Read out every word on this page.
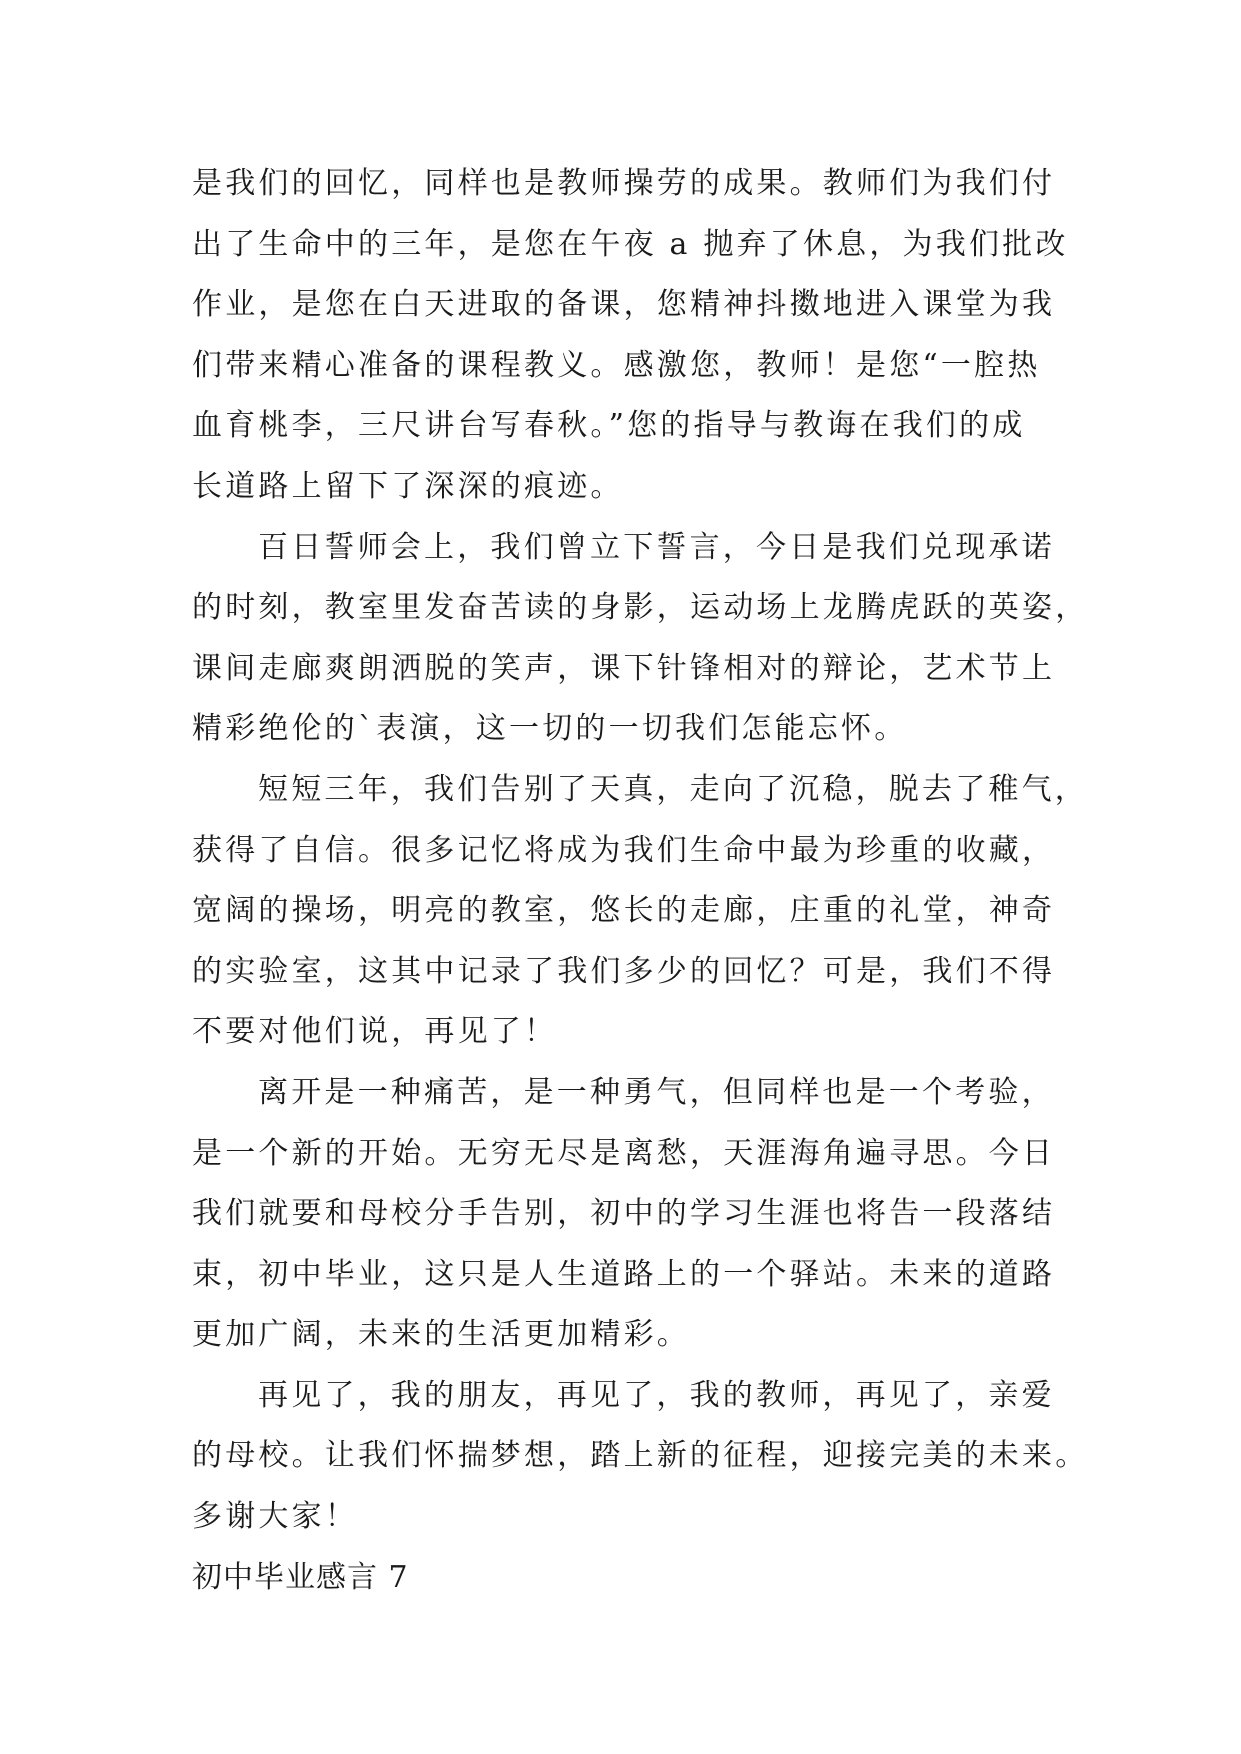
是我们的回忆，同样也是教师操劳的成果。教师们为我们付
出了生命中的三年，是您在午夜 a 抛弃了休息，为我们批改
作业，是您在白天进取的备课，您精神抖擞地进入课堂为我
们带来精心准备的课程教义。感激您，教师！是您“一腔热
血育桃李，三尺讲台写春秋。”您的指导与教诲在我们的成
长道路上留下了深深的痕迹。
百日誓师会上，我们曾立下誓言，今日是我们兑现承诺
的时刻，教室里发奋苦读的身影，运动场上龙腾虎跃的英姿，
课间走廊爽朗洒脱的笑声，课下针锋相对的辩论，艺术节上
精彩绝伦的`表演，这一切的一切我们怎能忘怀。
短短三年，我们告别了天真，走向了沉稳，脱去了稚气，
获得了自信。很多记忆将成为我们生命中最为珍重的收藏，
宽阔的操场，明亮的教室，悠长的走廊，庄重的礼堂，神奇
的实验室，这其中记录了我们多少的回忆？可是，我们不得
不要对他们说，再见了！
离开是一种痛苦，是一种勇气，但同样也是一个考验，
是一个新的开始。无穷无尽是离愁，天涯海角遍寻思。今日
我们就要和母校分手告别，初中的学习生涯也将告一段落结
束，初中毕业，这只是人生道路上的一个驿站。未来的道路
更加广阔，未来的生活更加精彩。
再见了，我的朋友，再见了，我的教师，再见了，亲爱
的母校。让我们怀揣梦想，踏上新的征程，迎接完美的未来。
多谢大家！
初中毕业感言 7
